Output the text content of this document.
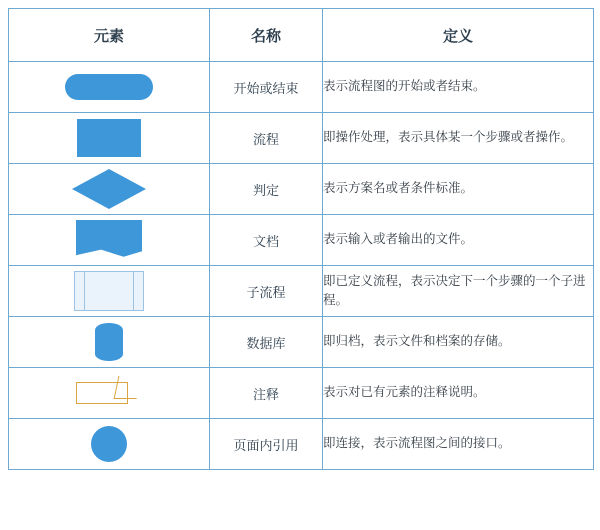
元素	名称	定义

	开始或结束	表示流程图的开始或者结束。

	流程	即操作处理，表示具体某一个步骤或者操作。

	判定	表示方案名或者条件标准。

	文档	表示输入或者输出的文件。

	子流程	即已定义流程，表示决定下一个步骤的一个子进程。

	数据库	即归档，表示文件和档案的存储。

	注释	表示对已有元素的注释说明。

	页面内引用	即连接，表示流程图之间的接口。
